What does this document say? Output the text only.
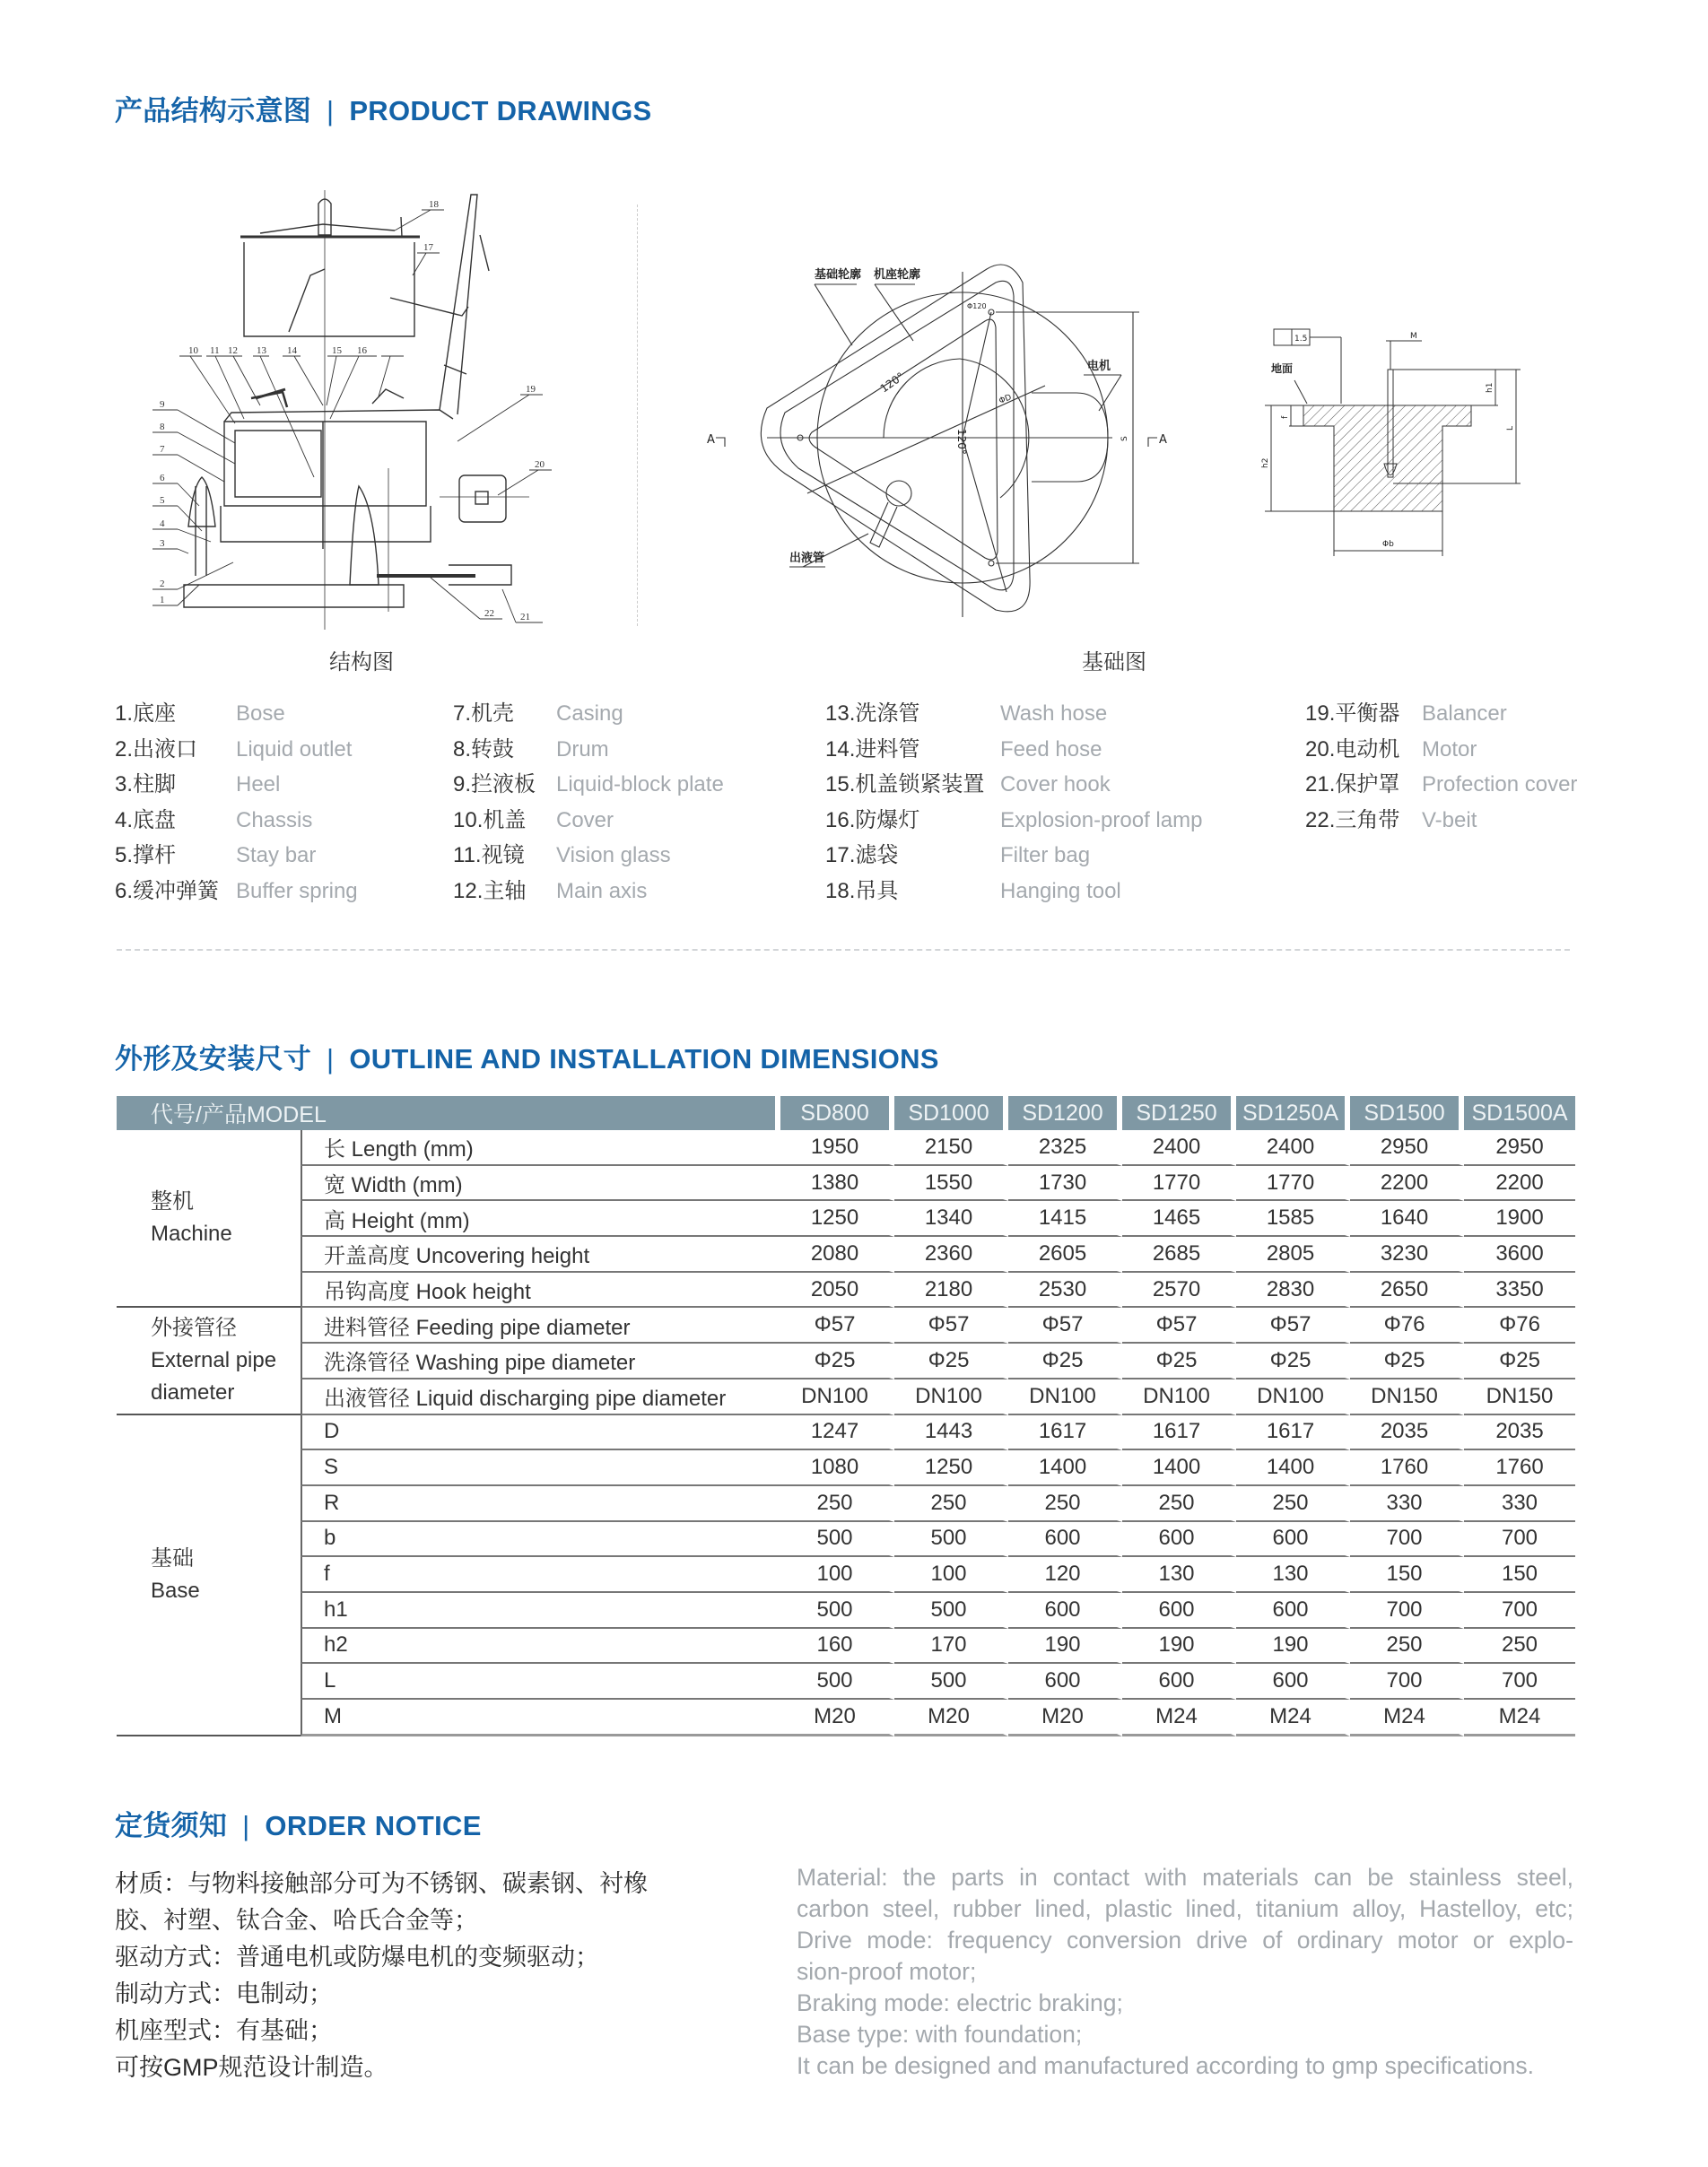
产品结构示意图 | PRODUCT DRAWINGS
1
2
3
4
5
6
7
8
9
10 11 12 13 14	15 16
17
18
19
20
21
22
基础轮廓 机座轮廓
电机
出液管
120°
120°
A	A
Φ120
ΦD
S
地面
1.5	M
h1
h2
L
f
Φb
结构图	基础图
1.底座	Bose
2.出液口	Liquid outlet
3.柱脚	Heel
4.底盘	Chassis
5.撑杆	Stay bar
6.缓冲弹簧 Buffer spring
7.机壳	Casing
8.转鼓	Drum
9.拦液板 Liquid-block plate
10.机盖	Cover
11.视镜	Vision glass
12.主轴	Main axis
13.洗涤管	Wash hose
14.进料管	Feed hose
15.机盖锁紧装置 Cover hook
16.防爆灯	Explosion-proof lamp
17.滤袋	Filter bag
18.吊具	Hanging tool
19.平衡器	Balancer
20.电动机	Motor
21.保护罩	Profection cover
22.三角带	V-beit
外形及安装尺寸 | OUTLINE AND INSTALLATION DIMENSIONS
代号/产品MODEL		SD800	SD1000	SD1200	SD1250	SD1250A	SD1500	SD1500A

整机
Machine	长 Length (mm)	1950	2150	2325	2400	2400	2950	2950
	宽 Width (mm)	1380	1550	1730	1770	1770	2200	2200
	高 Height (mm)	1250	1340	1415	1465	1585	1640	1900
	开盖高度 Uncovering height	2080	2360	2605	2685	2805	3230	3600
	吊钩高度 Hook height	2050	2180	2530	2570	2830	2650	3350

外接管径
External pipe diameter	进料管径 Feeding pipe diameter	Φ57	Φ57	Φ57	Φ57	Φ57	Φ76	Φ76
	洗涤管径 Washing pipe diameter	Φ25	Φ25	Φ25	Φ25	Φ25	Φ25	Φ25
	出液管径 Liquid discharging pipe diameter	DN100	DN100	DN100	DN100	DN100	DN150	DN150

基础
Base	D	1247	1443	1617	1617	1617	2035	2035
	S	1080	1250	1400	1400	1400	1760	1760
	R	250	250	250	250	250	330	330
	b	500	500	600	600	600	700	700
	f	100	100	120	130	130	150	150
	h1	500	500	600	600	600	700	700
	h2	160	170	190	190	190	250	250
	L	500	500	600	600	600	700	700
	M	M20	M20	M20	M24	M24	M24	M24
定货须知 | ORDER NOTICE
材质：与物料接触部分可为不锈钢、碳素钢、衬橡
胶、衬塑、钛合金、哈氏合金等；
驱动方式：普通电机或防爆电机的变频驱动；
制动方式：电制动；
机座型式：有基础；
可按GMP规范设计制造。
Material: the parts in contact with materials can be stainless steel,
carbon steel, rubber lined, plastic lined, titanium alloy, Hastelloy, etc;
Drive mode: frequency conversion drive of ordinary motor or explo-
sion-proof motor;
Braking mode: electric braking;
Base type: with foundation;
It can be designed and manufactured according to gmp specifications.
